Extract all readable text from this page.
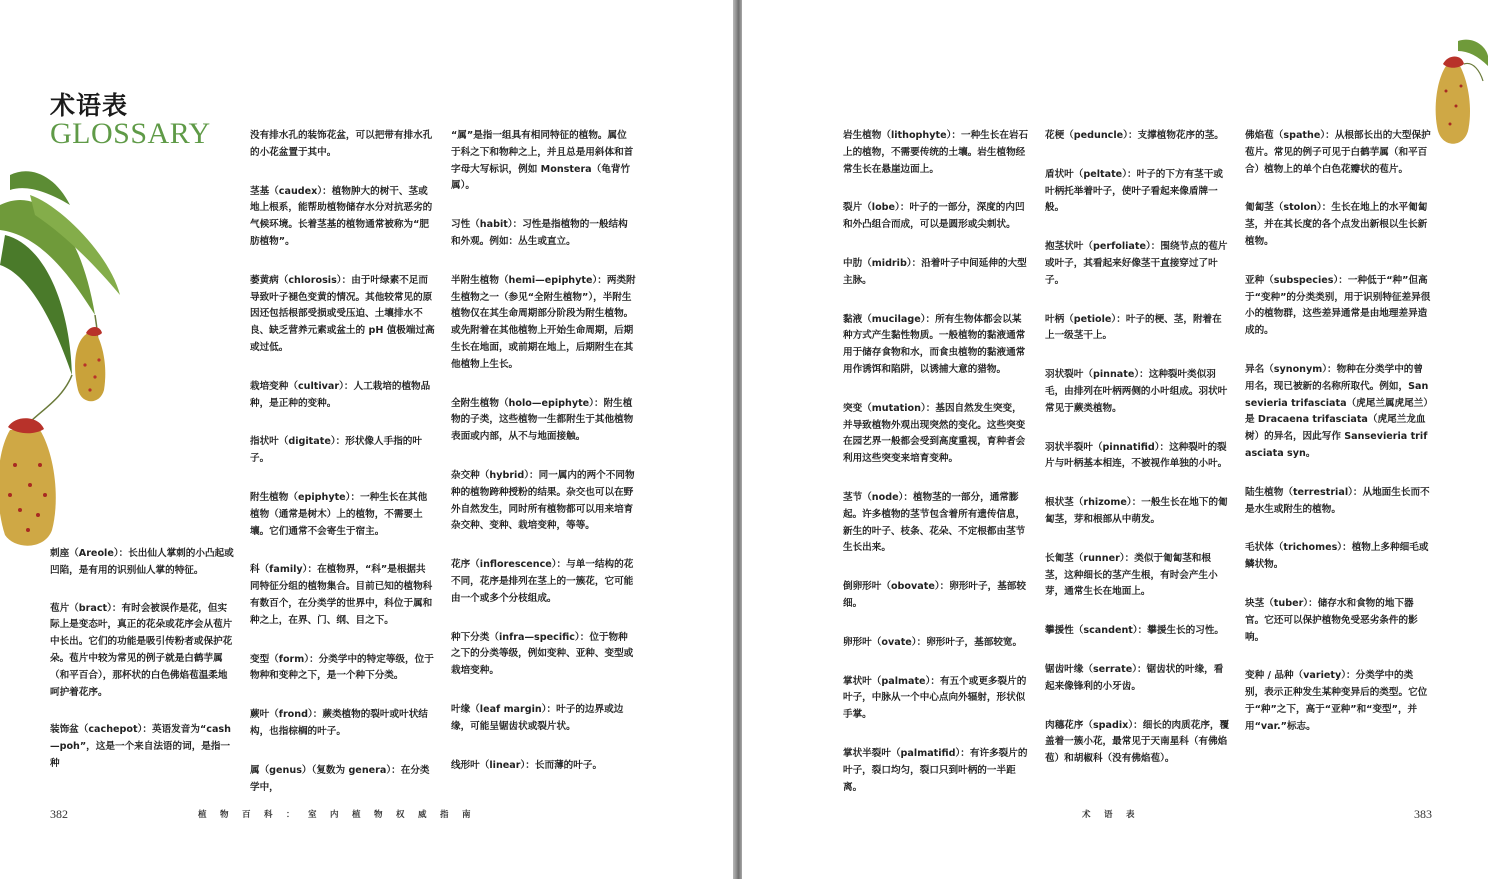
术语表
GLOSSARY
刺座（Areole）：长出仙人掌刺的小凸起或凹陷，是有用的识别仙人掌的特征。
苞片（bract）：有时会被误作是花，但实际上是变态叶，真正的花朵或花序会从苞片中长出。它们的功能是吸引传粉者或保护花朵。苞片中较为常见的例子就是白鹤芋属（和平百合），那杯状的白色佛焰苞温柔地呵护着花序。
装饰盆（cachepot）：英语发音为“cash—poh”，这是一个来自法语的词，是指一种
没有排水孔的装饰花盆，可以把带有排水孔的小花盆置于其中。
茎基（caudex）：植物肿大的树干、茎或地上根系，能帮助植物储存水分对抗恶劣的气候环境。长着茎基的植物通常被称为“肥肪植物”。
萎黄病（chlorosis）：由于叶绿素不足而导致叶子褪色变黄的情况。其他较常见的原因还包括根部受损或受压迫、土壤排水不良、缺乏营养元素或盆土的 pH 值极端过高或过低。
栽培变种（cultivar）：人工栽培的植物品种，是正种的变种。
指状叶（digitate）：形状像人手指的叶子。
附生植物（epiphyte）：一种生长在其他植物（通常是树木）上的植物，不需要土壤。它们通常不会寄生于宿主。
科（family）：在植物界，“科”是根据共同特征分组的植物集合。目前已知的植物科有数百个，在分类学的世界中，科位于属和种之上，在界、门、纲、目之下。
变型（form）：分类学中的特定等级，位于物种和变种之下，是一个种下分类。
蕨叶（frond）：蕨类植物的裂叶或叶状结构，也指棕榈的叶子。
属（genus）（复数为 genera）：在分类学中，
“属”是指一组具有相同特征的植物。属位于科之下和物种之上，并且总是用斜体和首字母大写标识，例如 Monstera（龟背竹属）。
习性（habit）：习性是指植物的一般结构和外观。例如：丛生或直立。
半附生植物（hemi—epiphyte）：两类附生植物之一（参见“全附生植物”），半附生植物仅在其生命周期部分阶段为附生植物。或先附着在其他植物上开始生命周期，后期生长在地面，或前期在地上，后期附生在其他植物上生长。
全附生植物（holo—epiphyte）：附生植物的子类，这些植物一生都附生于其他植物表面或内部，从不与地面接触。
杂交种（hybrid）：同一属内的两个不同物种的植物跨种授粉的结果。杂交也可以在野外自然发生，同时所有植物都可以用来培育杂交种、变种、栽培变种，等等。
花序（inflorescence）：与单一结构的花不同，花序是排列在茎上的一簇花，它可能由一个或多个分枝组成。
种下分类（infra—specific）：位于物种之下的分类等级，例如变种、亚种、变型或栽培变种。
叶缘（leaf margin）：叶子的边界或边缘，可能呈锯齿状或裂片状。
线形叶（linear）：长而薄的叶子。
382	植物百科：室内植物权威指南
岩生植物（lithophyte）：一种生长在岩石上的植物，不需要传统的土壤。岩生植物经常生长在悬崖边面上。
裂片（lobe）：叶子的一部分，深度的内凹和外凸组合而成，可以是圆形或尖刺状。
中肋（midrib）：沿着叶子中间延伸的大型主脉。
黏液（mucilage）：所有生物体都会以某种方式产生黏性物质。一般植物的黏液通常用于储存食物和水，而食虫植物的黏液通常用作诱饵和陷阱，以诱捕大意的猎物。
突变（mutation）：基因自然发生突变，并导致植物外观出现突然的变化。这些突变在园艺界一般都会受到高度重视，育种者会利用这些突变来培育变种。
茎节（node）：植物茎的一部分，通常膨起。许多植物的茎节包含着所有遗传信息，新生的叶子、枝条、花朵、不定根都由茎节生长出来。
倒卵形叶（obovate）：卵形叶子，基部较细。
卵形叶（ovate）：卵形叶子，基部较宽。
掌状叶（palmate）：有五个或更多裂片的叶子，中脉从一个中心点向外辐射，形状似手掌。
掌状半裂叶（palmatifid）：有许多裂片的叶子，裂口均匀，裂口只到叶柄的一半距离。
花梗（peduncle）：支撑植物花序的茎。
盾状叶（peltate）：叶子的下方有茎干或叶柄托举着叶子，使叶子看起来像盾牌一般。
抱茎状叶（perfoliate）：围绕节点的苞片或叶子，其看起来好像茎干直接穿过了叶子。
叶柄（petiole）：叶子的梗、茎，附着在上一级茎干上。
羽状裂叶（pinnate）：这种裂叶类似羽毛，由排列在叶柄两侧的小叶组成。羽状叶常见于蕨类植物。
羽状半裂叶（pinnatifid）：这种裂叶的裂片与叶柄基本相连，不被视作单独的小叶。
根状茎（rhizome）：一般生长在地下的匍匐茎，芽和根部从中萌发。
长匍茎（runner）：类似于匍匐茎和根茎，这种细长的茎产生根，有时会产生小芽，通常生长在地面上。
攀援性（scandent）：攀援生长的习性。
锯齿叶缘（serrate）：锯齿状的叶缘，看起来像锋利的小牙齿。
肉穗花序（spadix）：细长的肉质花序，覆盖着一簇小花，最常见于天南星科（有佛焰苞）和胡椒科（没有佛焰苞）。
佛焰苞（spathe）：从根部长出的大型保护苞片。常见的例子可见于白鹤芋属（和平百合）植物上的单个白色花瓣状的苞片。
匍匐茎（stolon）：生长在地上的水平匍匐茎，并在其长度的各个点发出新根以生长新植物。
亚种（subspecies）：一种低于“种”但高于“变种”的分类类别，用于识别特征差异很小的植物群，这些差异通常是由地理差异造成的。
异名（synonym）：物种在分类学中的曾用名，现已被新的名称所取代。例如，Sansevieria trifasciata（虎尾兰属虎尾兰）是 Dracaena trifasciata（虎尾兰龙血树）的异名，因此写作 Sansevieria trifasciata syn。
陆生植物（terrestrial）：从地面生长而不是水生或附生的植物。
毛状体（trichomes）：植物上多种细毛或鳞状物。
块茎（tuber）：储存水和食物的地下器官。它还可以保护植物免受恶劣条件的影响。
变种 / 品种（variety）：分类学中的类别，表示正种发生某种变异后的类型。它位于“种”之下，高于“亚种”和“变型”，并用“var.”标志。
术语表	383
